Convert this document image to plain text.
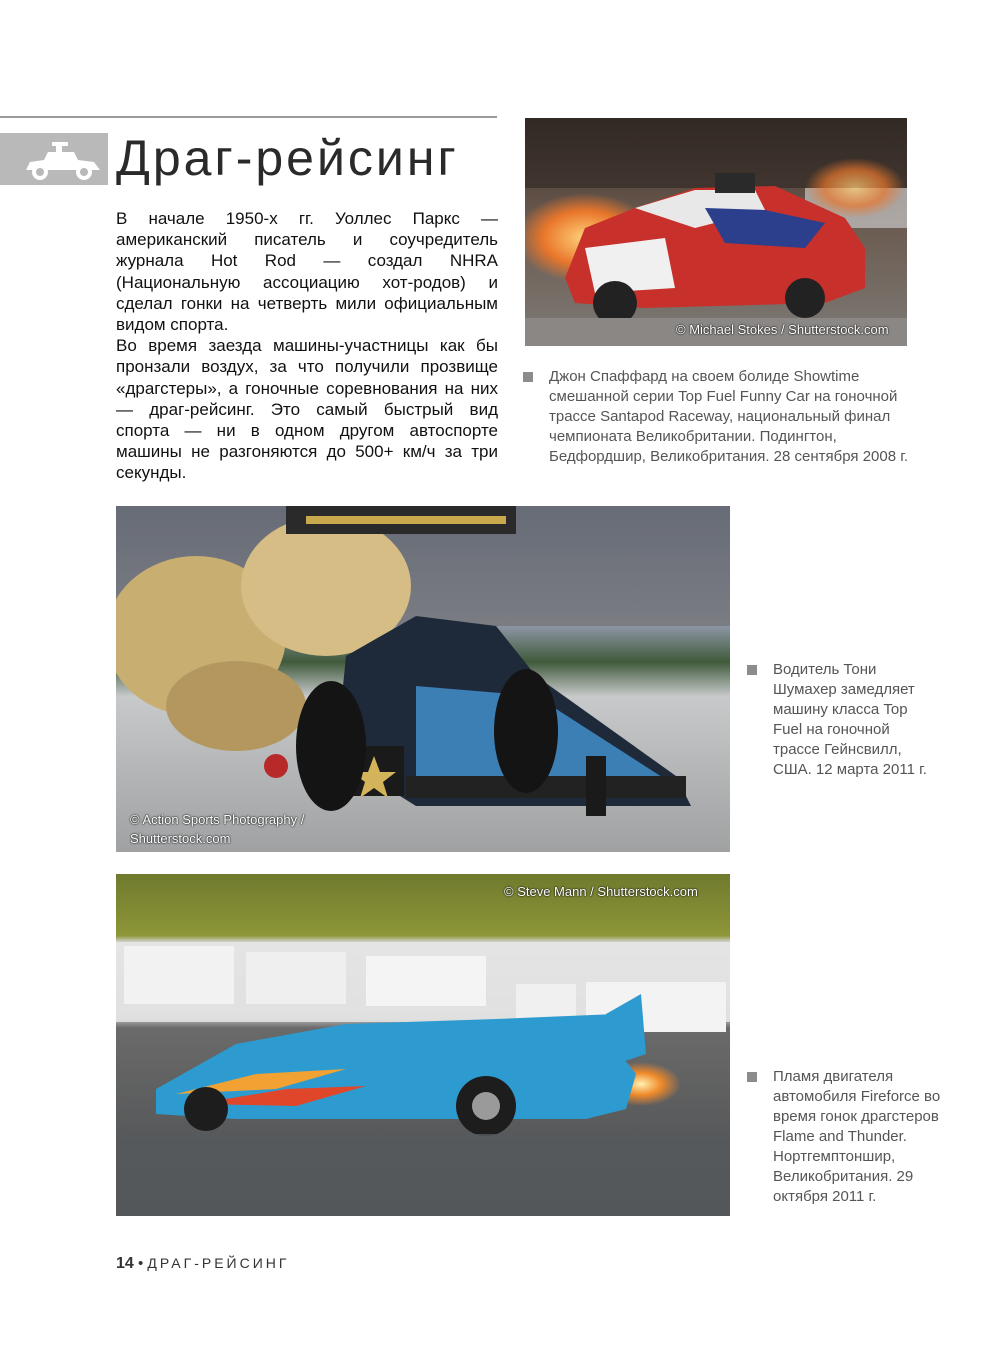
Драг-рейсинг

В начале 1950-х гг. Уоллес Паркс — американский писатель и соучредитель журнала Hot Rod — создал NHRA (Национальную ассоциацию хот-родов) и сделал гонки на четверть мили официальным видом спорта.

Во время заезда машины-участницы как бы пронзали воздух, за что получили прозвище «драгстеры», а гоночные соревнования на них — драг-рейсинг. Это самый быстрый вид спорта — ни в одном другом автоспорте машины не разгоняются до 500+ км/ч за три секунды.

© Michael Stokes / Shutterstock.com
Джон Спаффард на своем болиде Showtime смешанной серии Top Fuel Funny Car на гоночной трассе Santapod Raceway, национальный финал чемпионата Великобритании. Подингтон, Бедфордшир, Великобритания. 28 сентября 2008 г.
© Action Sports Photography /
Shutterstock.com
Водитель Тони Шумахер замедляет машину класса Top Fuel на гоночной трассе Гейнсвилл, США. 12 марта 2011 г.
© Steve Mann / Shutterstock.com
Пламя двигателя автомобиля Fireforce во время гонок драгстеров Flame and Thunder. Нортгемптоншир, Великобритания. 29 октября 2011 г.
14 • ДРАГ-РЕЙСИНГ
